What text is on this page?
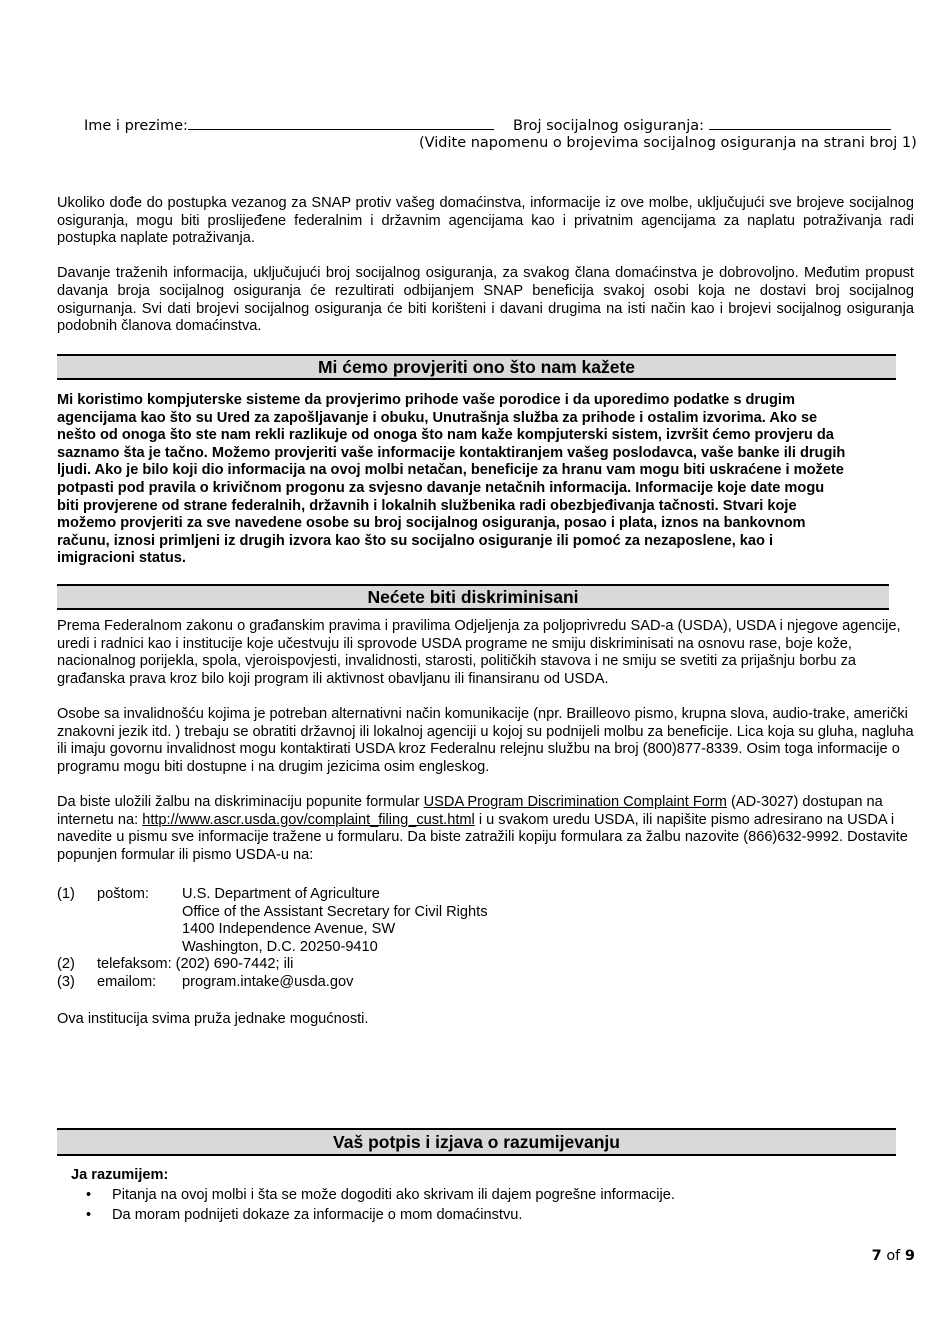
Ime i prezime:	Broj socijalnog osiguranja:
(Vidite napomenu o brojevima socijalnog osiguranja na strani broj 1)

Ukoliko dođe do postupka vezanog za SNAP protiv vašeg domaćinstva, informacije iz ove molbe, uključujući sve brojeve socijalnog osiguranja, mogu biti proslijeđene federalnim i državnim agencijama kao i privatnim agencijama za naplatu potraživanja radi postupka naplate potraživanja.

Davanje traženih informacija, uključujući broj socijalnog osiguranja, za svakog člana domaćinstva je dobrovoljno. Međutim propust davanja broja socijalnog osiguranja će rezultirati odbijanjem SNAP beneficija svakoj osobi koja ne dostavi broj socijalnog osigurnanja. Svi dati brojevi socijalnog osiguranja će biti korišteni i davani drugima na isti način kao i brojevi socijalnog osiguranja podobnih članova domaćinstva.

Mi ćemo provjeriti ono što nam kažete
Mi koristimo kompjuterske sisteme da provjerimo prihode vaše porodice i da uporedimo podatke s drugim agencijama kao što su Ured za zapošljavanje i obuku, Unutrašnja služba za prihode i ostalim izvorima. Ako se nešto od onoga što ste nam rekli razlikuje od onoga što nam kaže kompjuterski sistem, izvršit ćemo provjeru da saznamo šta je tačno. Možemo provjeriti vaše informacije kontaktiranjem vašeg poslodavca, vaše banke ili drugih ljudi. Ako je bilo koji dio informacija na ovoj molbi netačan, beneficije za hranu vam mogu biti uskraćene i možete potpasti pod pravila o krivičnom progonu za svjesno davanje netačnih informacija. Informacije koje date mogu biti provjerene od strane federalnih, državnih i lokalnih službenika radi obezbjeđivanja tačnosti. Stvari koje možemo provjeriti za sve navedene osobe su broj socijalnog osiguranja, posao i plata, iznos na bankovnom računu, iznosi primljeni iz drugih izvora kao što su socijalno osiguranje ili pomoć za nezaposlene, kao i imigracioni status.
Nećete biti diskriminisani

Prema Federalnom zakonu o građanskim pravima i pravilima Odjeljenja za poljoprivredu SAD-a (USDA), USDA i njegove agencije, uredi i radnici kao i institucije koje učestvuju ili sprovode USDA programe ne smiju diskriminisati na osnovu rase, boje kože, nacionalnog porijekla, spola, vjeroispovjesti, invalidnosti, starosti, političkih stavova i ne smiju se svetiti za prijašnju borbu za građanska prava kroz bilo koji program ili aktivnost obavljanu ili finansiranu od USDA.

Osobe sa invalidnošću kojima je potreban alternativni način komunikacije (npr. Brailleovo pismo, krupna slova, audio-trake, američki znakovni jezik itd. ) trebaju se obratiti državnoj ili lokalnoj agenciji u kojoj su podnijeli molbu za beneficije. Lica koja su gluha, nagluha ili imaju govornu invalidnost mogu kontaktirati USDA kroz Federalnu relejnu službu na broj (800)877-8339. Osim toga informacije o programu mogu biti dostupne i na drugim jezicima osim engleskog.

Da biste uložili žalbu na diskriminaciju popunite formular USDA Program Discrimination Complaint Form (AD-3027) dostupan na internetu na: http://www.ascr.usda.gov/complaint_filing_cust.html i u svakom uredu USDA, ili napišite pismo adresirano na USDA i navedite u pismu sve informacije tražene u formularu. Da biste zatražili kopiju formulara za žalbu nazovite (866)632-9992. Dostavite popunjen formular ili pismo USDA-u na:

(1) poštom: U.S. Department of Agriculture
Office of the Assistant Secretary for Civil Rights
1400 Independence Avenue, SW
Washington, D.C. 20250-9410
(2) telefaksom: (202) 690-7442; ili
(3) emailom: program.intake@usda.gov
Ova institucija svima pruža jednake mogućnosti.
Vaš potpis i izjava o razumijevanju
Ja razumijem:
• Pitanja na ovoj molbi i šta se može dogoditi ako skrivam ili dajem pogrešne informacije.
• Da moram podnijeti dokaze za informacije o mom domaćinstvu.
7 of 9
